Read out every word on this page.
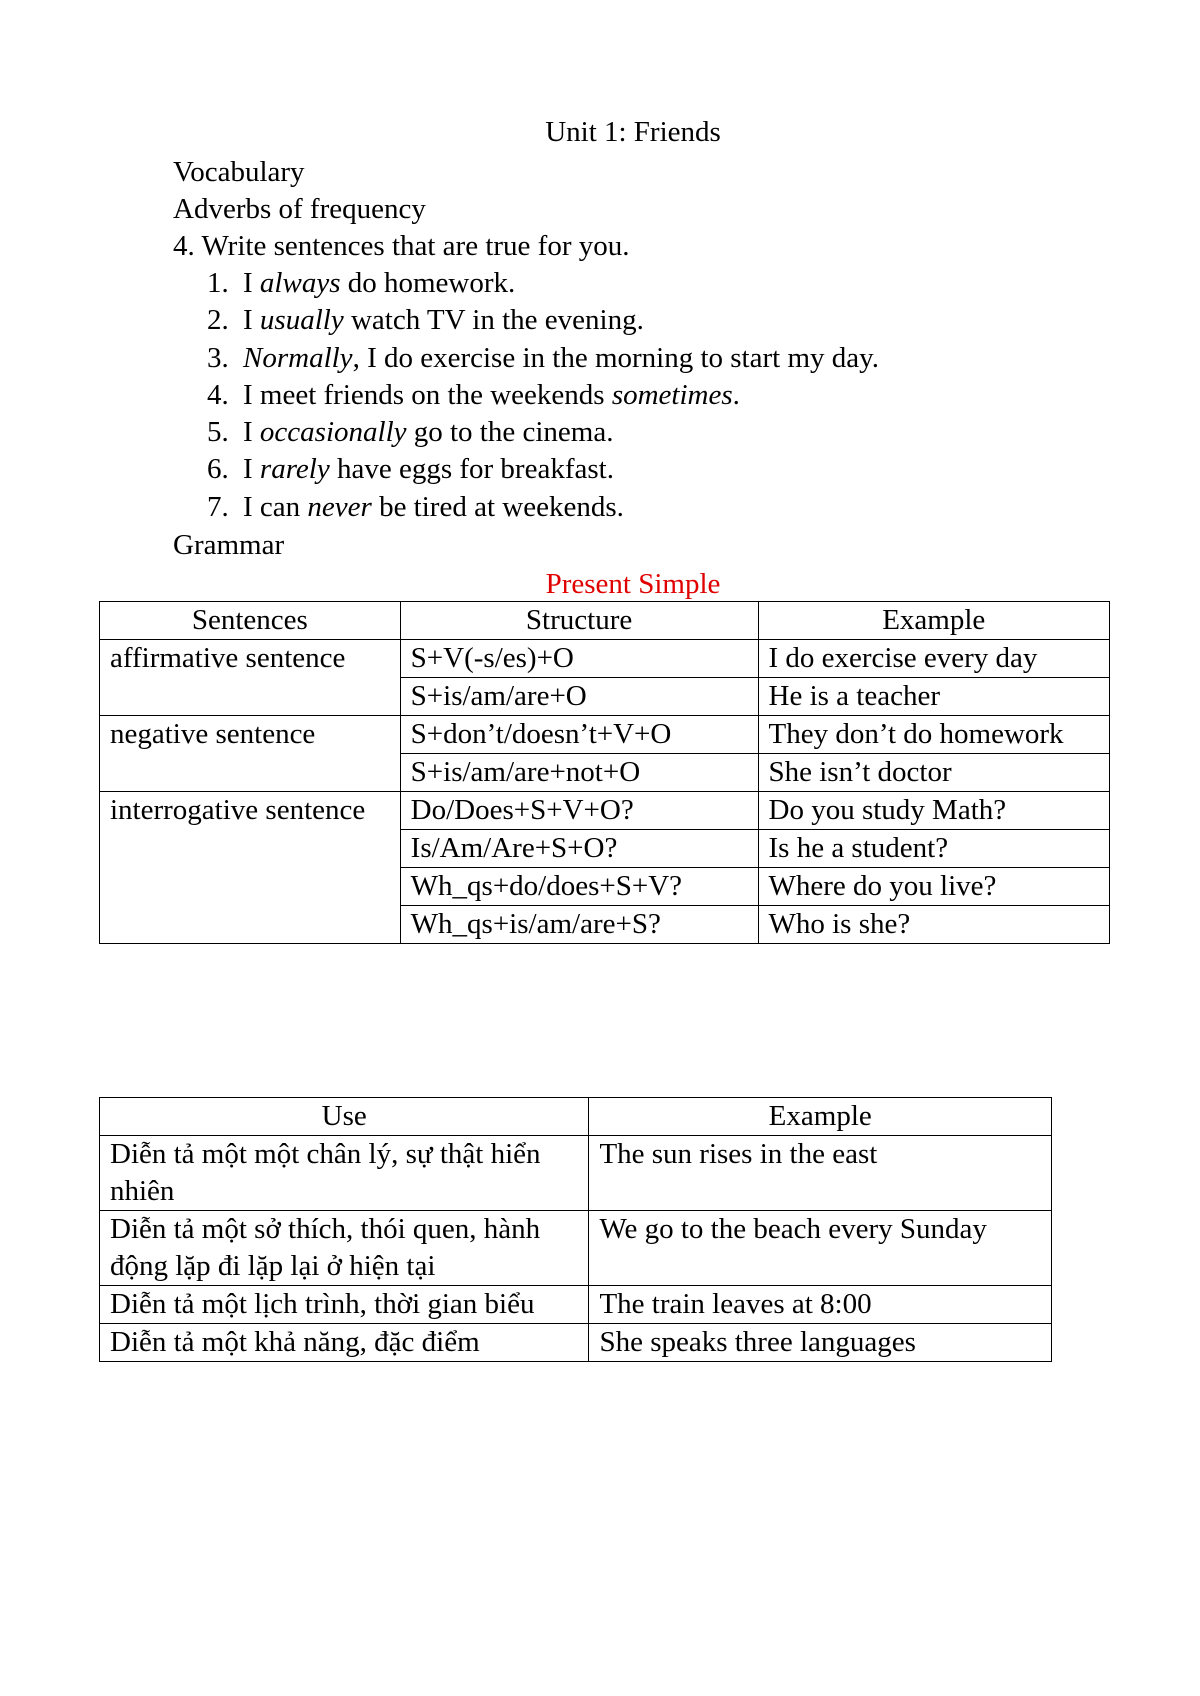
Unit 1: Friends
Vocabulary
Adverbs of frequency
4. Write sentences that are true for you.
1. I always do homework.
2. I usually watch TV in the evening.
3. Normally, I do exercise in the morning to start my day.
4. I meet friends on the weekends sometimes.
5. I occasionally go to the cinema.
6. I rarely have eggs for breakfast.
7. I can never be tired at weekends.
Grammar
Present Simple
Sentences	Structure	Example
affirmative sentence	S+V(-s/es)+O	I do exercise every day
	S+is/am/are+O	He is a teacher
negative sentence	S+don’t/doesn’t+V+O	They don’t do homework
	S+is/am/are+not+O	She isn’t doctor
interrogative sentence	Do/Does+S+V+O?	Do you study Math?
	Is/Am/Are+S+O?	Is he a student?
	Wh_qs+do/does+S+V?	Where do you live?
	Wh_qs+is/am/are+S?	Who is she?
Use	Example
Diễn tả một một chân lý, sự thật hiển nhiên	The sun rises in the east
Diễn tả một sở thích, thói quen, hành động lặp đi lặp lại ở hiện tại	We go to the beach every Sunday
Diễn tả một lịch trình, thời gian biểu	The train leaves at 8:00
Diễn tả một khả năng, đặc điểm	She speaks three languages
